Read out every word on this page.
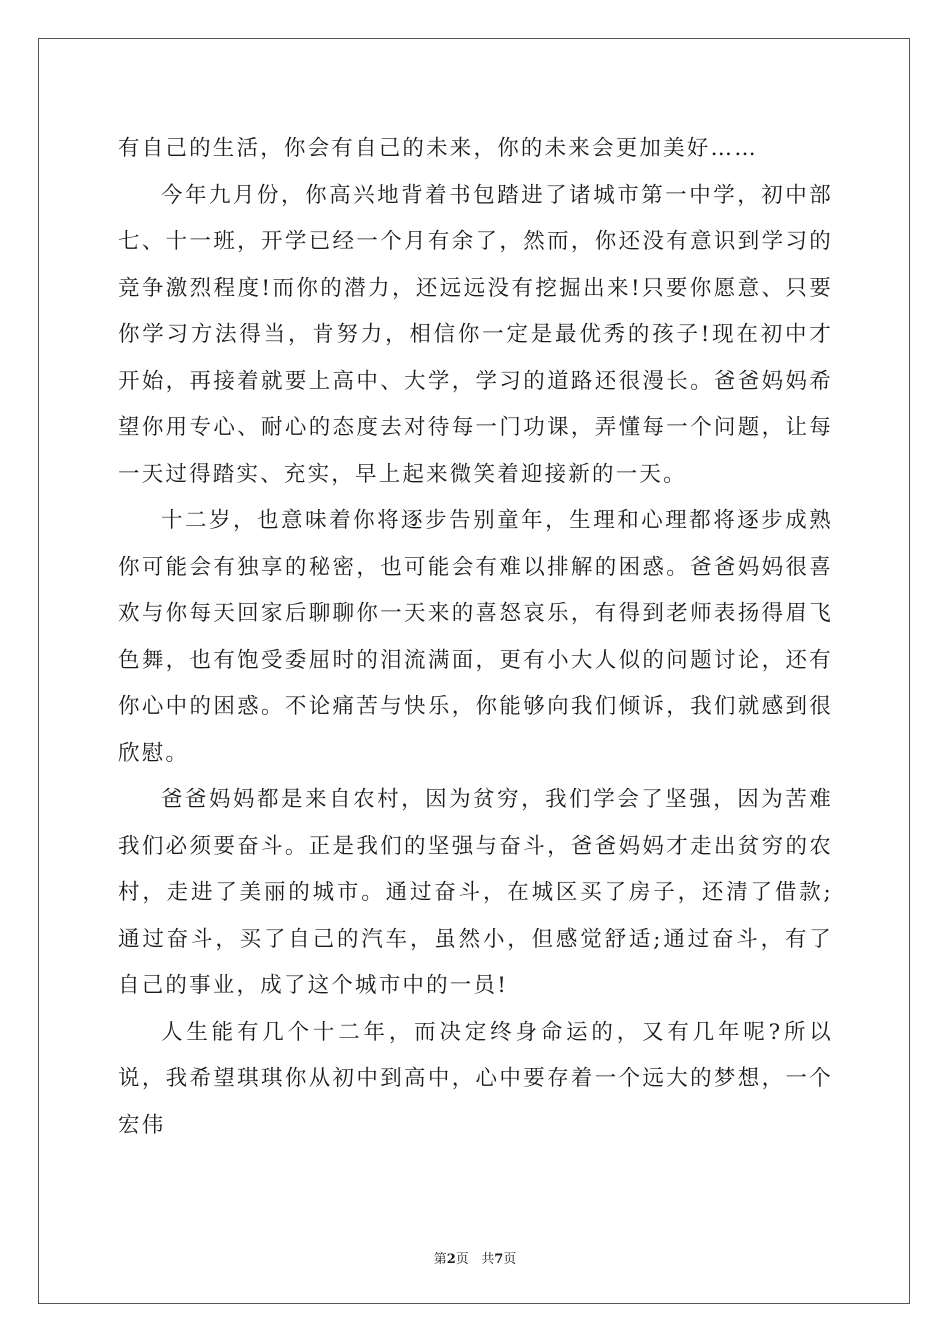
有自己的生活，你会有自己的未来，你的未来会更加美好……

今年九月份，你高兴地背着书包踏进了诸城市第一中学，初中部七、十一班，开学已经一个月有余了，然而，你还没有意识到学习的竞争激烈程度!而你的潜力，还远远没有挖掘出来!只要你愿意、只要你学习方法得当，肯努力，相信你一定是最优秀的孩子!现在初中才开始，再接着就要上高中、大学，学习的道路还很漫长。爸爸妈妈希望你用专心、耐心的态度去对待每一门功课，弄懂每一个问题，让每一天过得踏实、充实，早上起来微笑着迎接新的一天。

十二岁，也意味着你将逐步告别童年，生理和心理都将逐步成熟你可能会有独享的秘密，也可能会有难以排解的困惑。爸爸妈妈很喜欢与你每天回家后聊聊你一天来的喜怒哀乐，有得到老师表扬得眉飞色舞，也有饱受委屈时的泪流满面，更有小大人似的问题讨论，还有你心中的困惑。不论痛苦与快乐，你能够向我们倾诉，我们就感到很欣慰。

爸爸妈妈都是来自农村，因为贫穷，我们学会了坚强，因为苦难我们必须要奋斗。正是我们的坚强与奋斗，爸爸妈妈才走出贫穷的农村，走进了美丽的城市。通过奋斗，在城区买了房子，还清了借款;通过奋斗，买了自己的汽车，虽然小，但感觉舒适;通过奋斗，有了自己的事业，成了这个城市中的一员!

人生能有几个十二年，而决定终身命运的，又有几年呢?所以说，我希望琪琪你从初中到高中，心中要存着一个远大的梦想，一个宏伟

第2页   共7页
